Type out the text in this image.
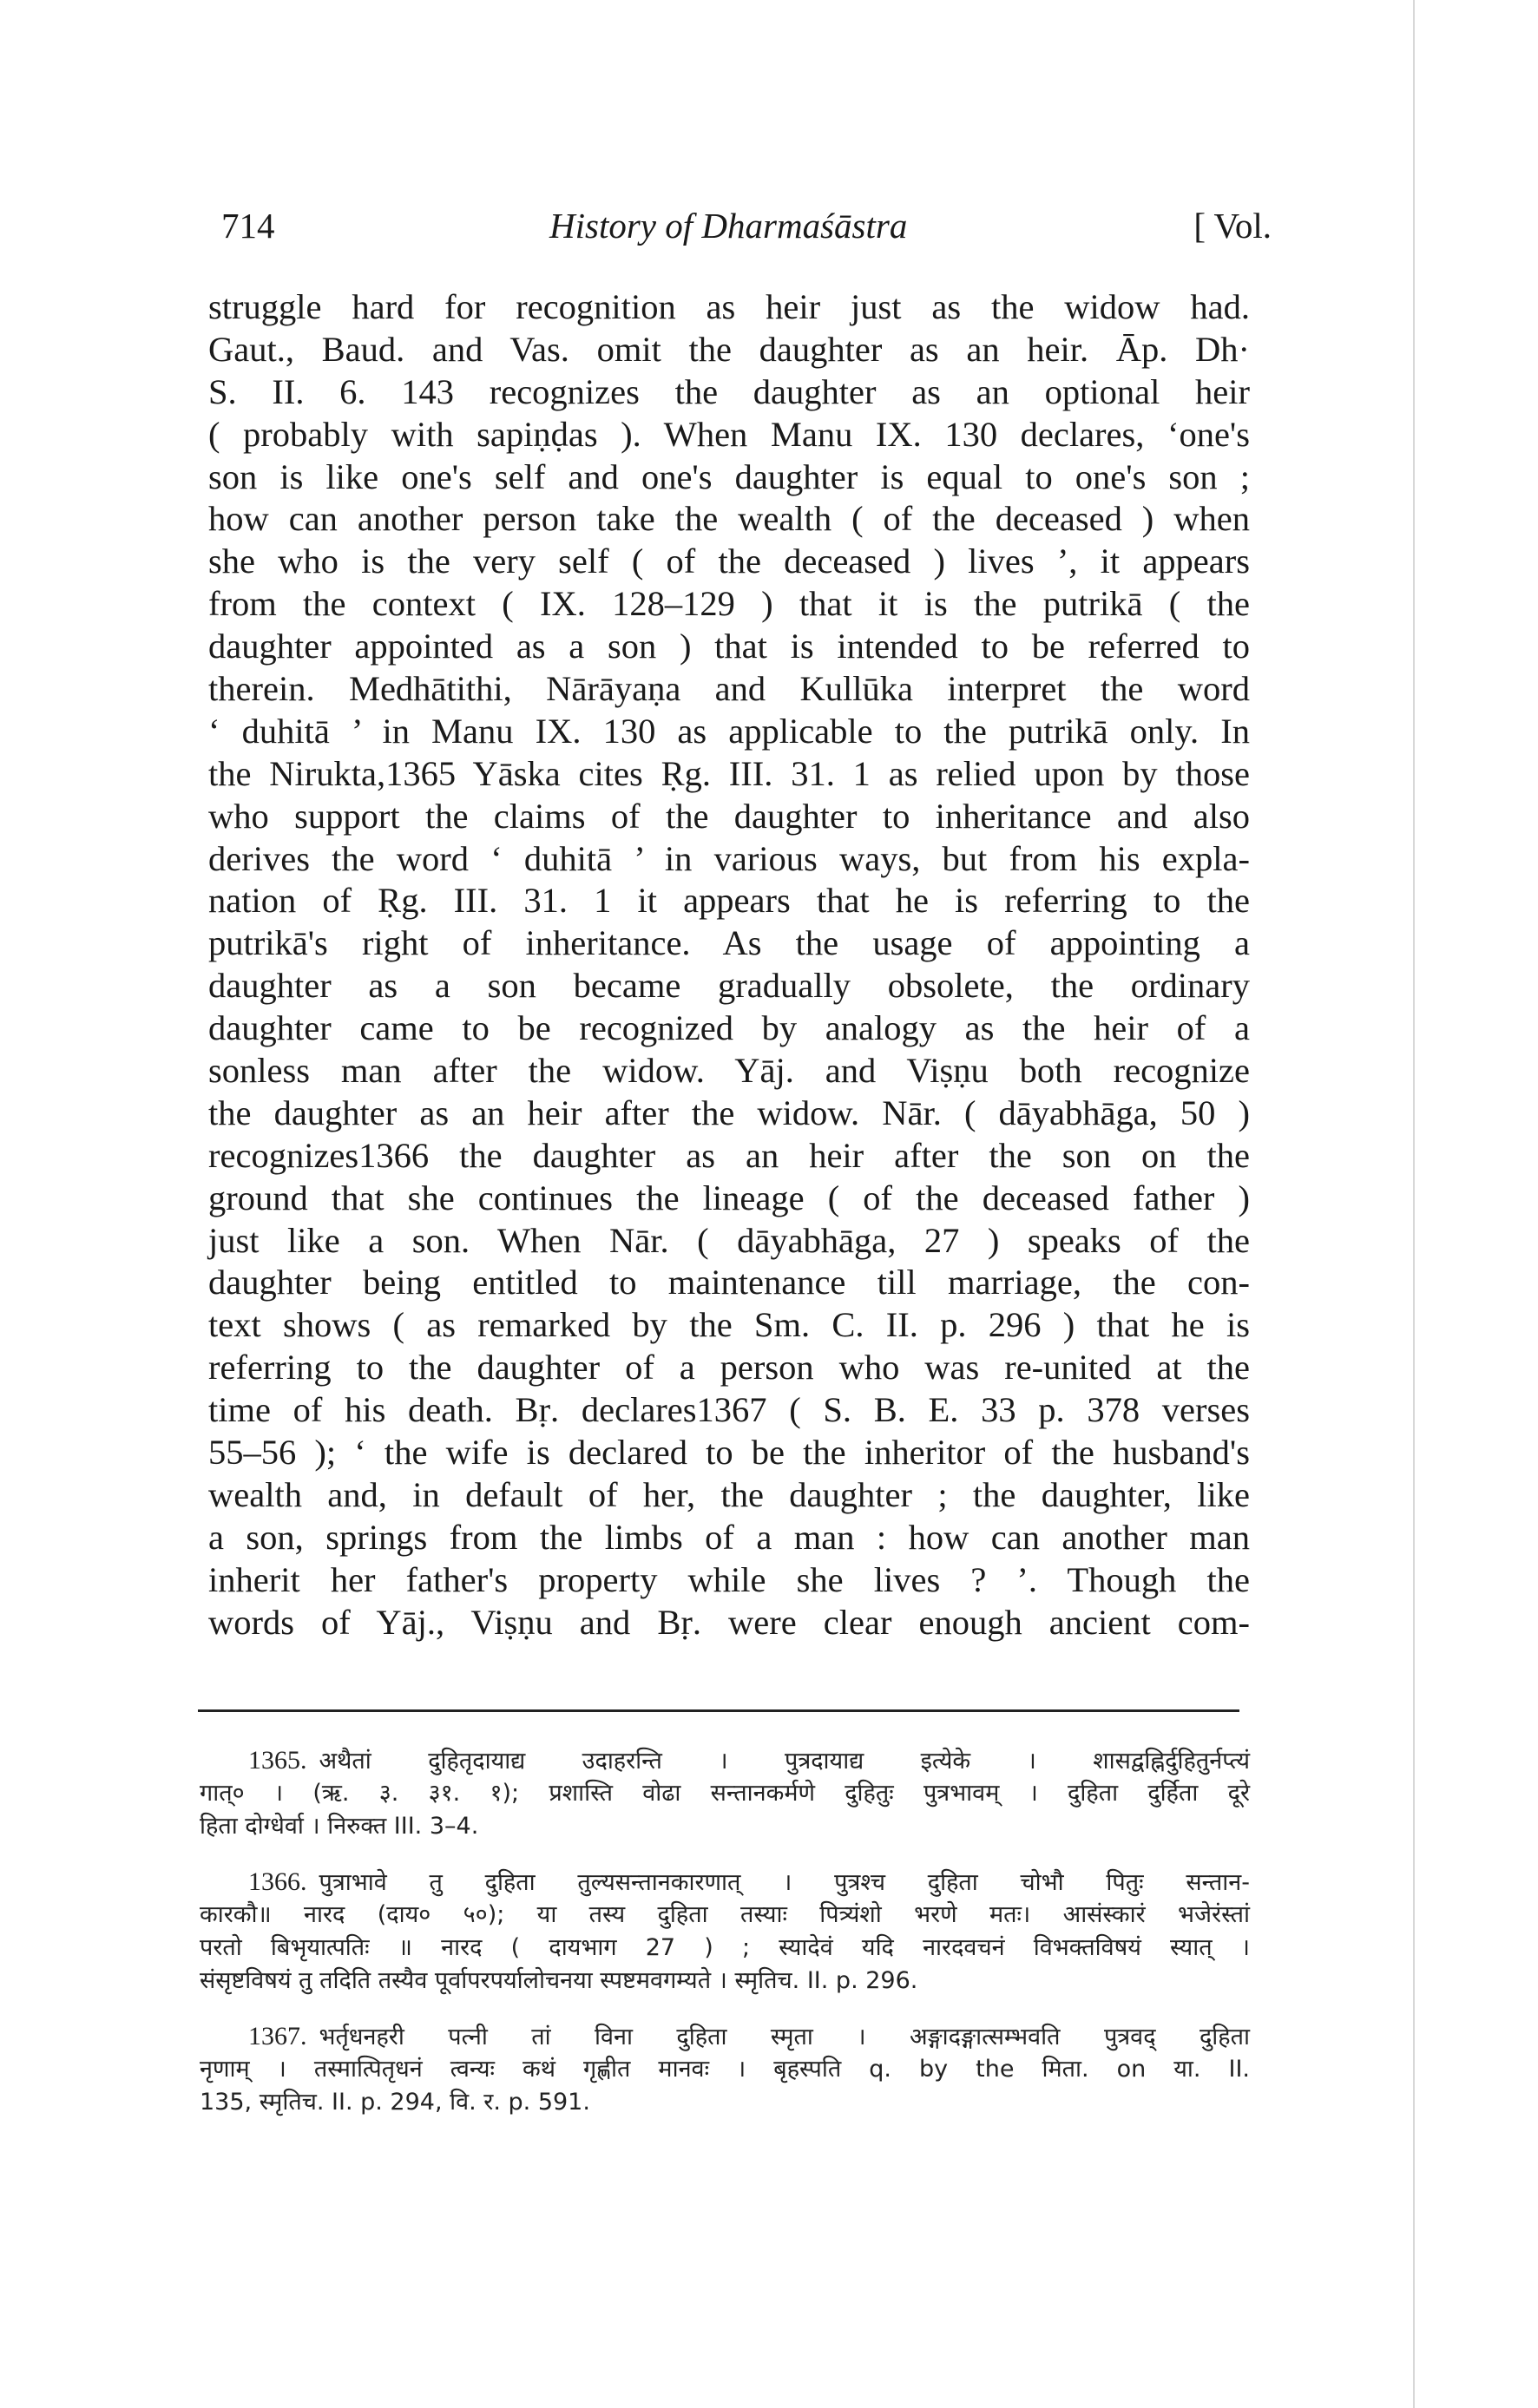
714	History of Dharmaśāstra	[ Vol.
struggle hard for recognition as heir just as the widow had.
Gaut., Baud. and Vas. omit the daughter as an heir. Āp. Dh·
S. II. 6. 143 recognizes the daughter as an optional heir
( probably with sapiṇḍas ). When Manu IX. 130 declares, ‘one's
son is like one's self and one's daughter is equal to one's son ;
how can another person take the wealth ( of the deceased ) when
she who is the very self ( of the deceased ) lives ’, it appears
from the context ( IX. 128–129 ) that it is the putrikā ( the
daughter appointed as a son ) that is intended to be referred to
therein. Medhātithi, Nārāyaṇa and Kullūka interpret the word
‘ duhitā ’ in Manu IX. 130 as applicable to the putrikā only. In
the Nirukta,1365 Yāska cites Ṛg. III. 31. 1 as relied upon by those
who support the claims of the daughter to inheritance and also
derives the word ‘ duhitā ’ in various ways, but from his expla-
nation of Ṛg. III. 31. 1 it appears that he is referring to the
putrikā's right of inheritance. As the usage of appointing a
daughter as a son became gradually obsolete, the ordinary
daughter came to be recognized by analogy as the heir of a
sonless man after the widow. Yāj. and Viṣṇu both recognize
the daughter as an heir after the widow. Nār. ( dāyabhāga, 50 )
recognizes1366 the daughter as an heir after the son on the
ground that she continues the lineage ( of the deceased father )
just like a son. When Nār. ( dāyabhāga, 27 ) speaks of the
daughter being entitled to maintenance till marriage, the con-
text shows ( as remarked by the Sm. C. II. p. 296 ) that he is
referring to the daughter of a person who was re-united at the
time of his death. Bṛ. declares1367 ( S. B. E. 33 p. 378 verses
55–56 ); ‘ the wife is declared to be the inheritor of the husband's
wealth and, in default of her, the daughter ; the daughter, like
a son, springs from the limbs of a man : how can another man
inherit her father's property while she lives ? ’. Though the
words of Yāj., Viṣṇu and Bṛ. were clear enough ancient com-
1365. अथैतां दुहितृदायाद्य उदाहरन्ति । पुत्रदायाद्य इत्येके । शासद्वह्निर्दुहितुर्नप्त्यं
गात्० । (ऋ. ३. ३१. १); प्रशास्ति वोढा सन्तानकर्मणे दुहितुः पुत्रभावम् । दुहिता दुर्हिता दूरे
हिता दोग्धेर्वा । निरुक्त III. 3–4.
1366. पुत्राभावे तु दुहिता तुल्यसन्तानकारणात् । पुत्रश्च दुहिता चोभौ पितुः सन्तान-
कारकौ॥ नारद (दाय० ५०); या तस्य दुहिता तस्याः पित्र्यंशो भरणे मतः। आसंस्कारं भजेरंस्तां
परतो बिभृयात्पतिः ॥ नारद ( दायभाग 27 ) ; स्यादेवं यदि नारदवचनं विभक्तविषयं स्यात् ।
संसृष्टविषयं तु तदिति तस्यैव पूर्वापरपर्यालोचनया स्पष्टमवगम्यते । स्मृतिच. II. p. 296.
1367. भर्तृधनहरी पत्नी तां विना दुहिता स्मृता । अङ्गादङ्गात्सम्भवति पुत्रवद् दुहिता
नृणाम् । तस्मात्पितृधनं त्वन्यः कथं गृह्णीत मानवः । बृहस्पति q. by the मिता. on या. II.
135, स्मृतिच. II. p. 294, वि. र. p. 591.
